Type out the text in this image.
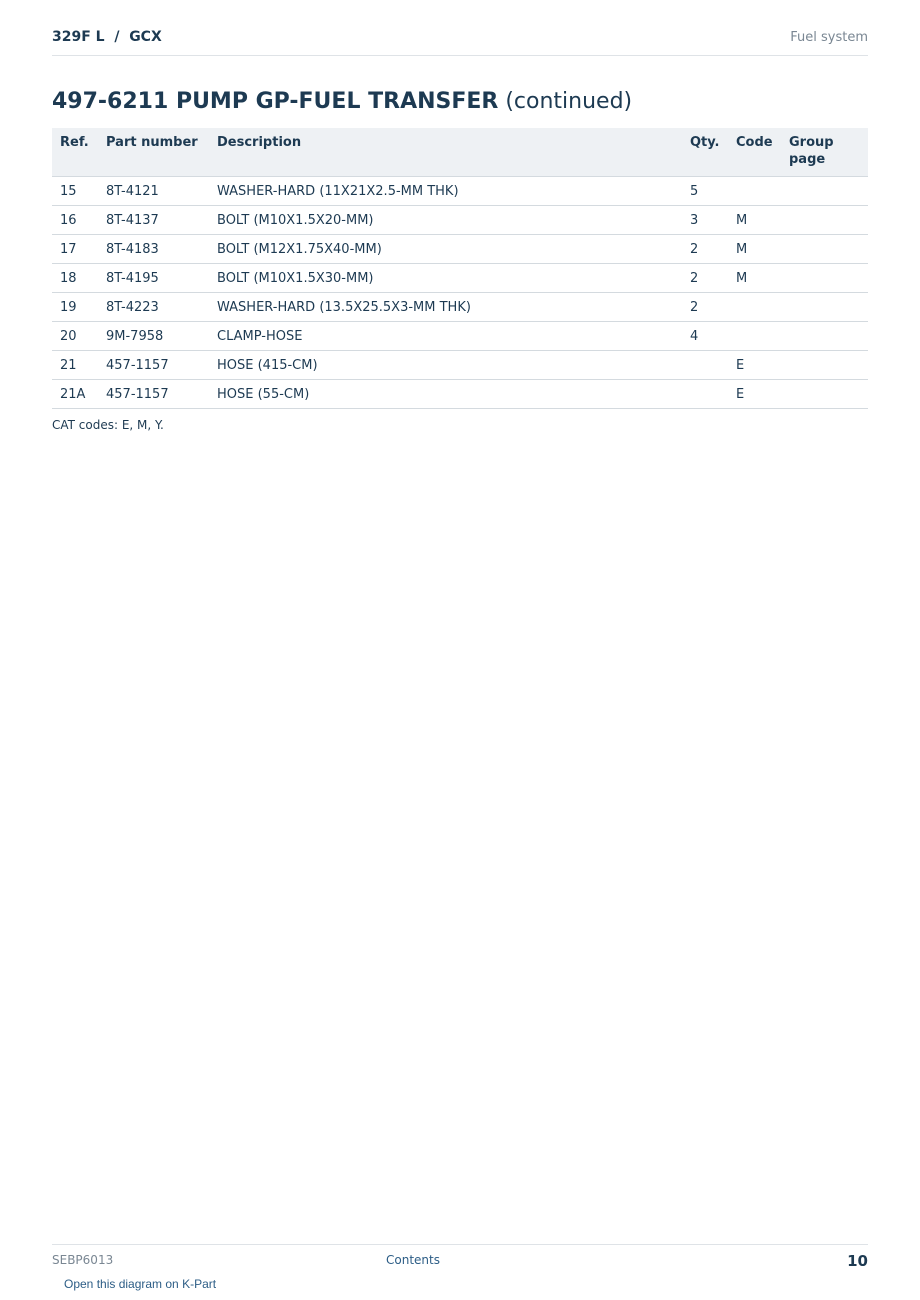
329F L  /  GCX	Fuel system
497-6211 PUMP GP-FUEL TRANSFER (continued)
Ref.	Part number	Description	Qty.	Code	Group page
15	8T-4121	WASHER-HARD (11X21X2.5-MM THK)	5		
16	8T-4137	BOLT (M10X1.5X20-MM)	3	M	
17	8T-4183	BOLT (M12X1.75X40-MM)	2	M	
18	8T-4195	BOLT (M10X1.5X30-MM)	2	M	
19	8T-4223	WASHER-HARD (13.5X25.5X3-MM THK)	2		
20	9M-7958	CLAMP-HOSE	4		
21	457-1157	HOSE (415-CM)		E	
21A	457-1157	HOSE (55-CM)		E	
CAT codes: E, M, Y.
SEBP6013	Contents	10
Open this diagram on K-Part
